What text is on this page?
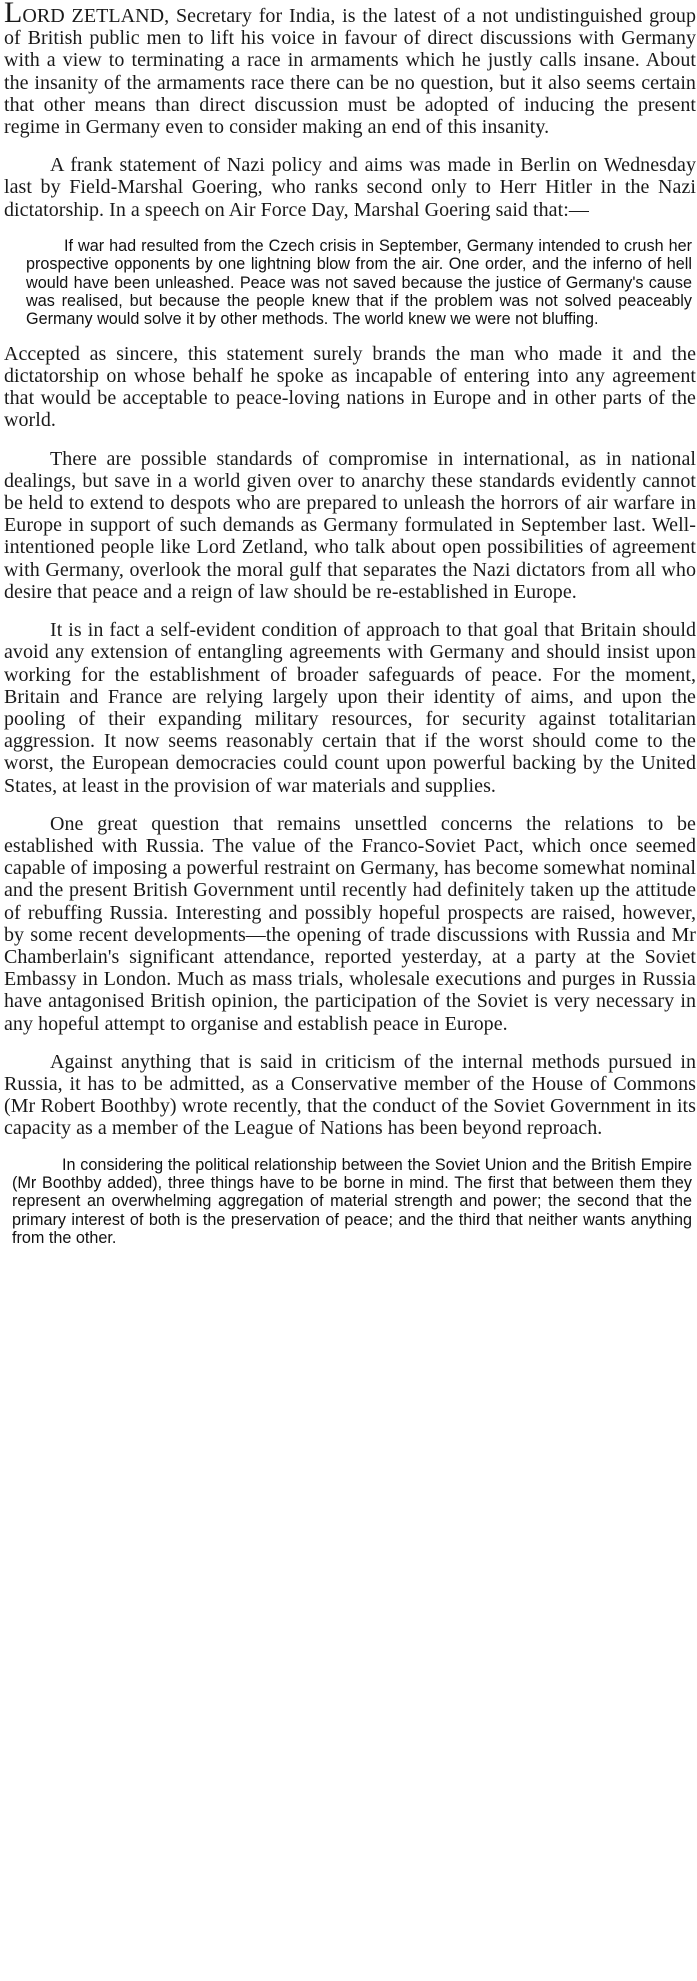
LORD ZETLAND, Secretary for India, is the latest of a not undistinguished group of British public men to lift his voice in favour of direct discussions with Germany with a view to terminating a race in armaments which he justly calls insane. About the insanity of the armaments race there can be no question, but it also seems certain that other means than direct discussion must be adopted of inducing the present regime in Germany even to consider making an end of this insanity.

A frank statement of Nazi policy and aims was made in Berlin on Wednesday last by Field-Marshal Goering, who ranks second only to Herr Hitler in the Nazi dictatorship. In a speech on Air Force Day, Marshal Goering said that:—

If war had resulted from the Czech crisis in September, Germany intended to crush her prospective opponents by one lightning blow from the air. One order, and the inferno of hell would have been unleashed. Peace was not saved because the justice of Germany's cause was realised, but because the people knew that if the problem was not solved peaceably Germany would solve it by other methods. The world knew we were not bluffing.

Accepted as sincere, this statement surely brands the man who made it and the dictatorship on whose behalf he spoke as incapable of entering into any agreement that would be acceptable to peace-loving nations in Europe and in other parts of the world.

There are possible standards of compromise in international, as in national dealings, but save in a world given over to anarchy these standards evidently cannot be held to extend to despots who are prepared to unleash the horrors of air warfare in Europe in support of such demands as Germany formulated in September last. Well-intentioned people like Lord Zetland, who talk about open possibilities of agreement with Germany, overlook the moral gulf that separates the Nazi dictators from all who desire that peace and a reign of law should be re-established in Europe.

It is in fact a self-evident condition of approach to that goal that Britain should avoid any extension of entangling agreements with Germany and should insist upon working for the establishment of broader safeguards of peace. For the moment, Britain and France are relying largely upon their identity of aims, and upon the pooling of their expanding military resources, for security against totalitarian aggression. It now seems reasonably certain that if the worst should come to the worst, the European democracies could count upon powerful backing by the United States, at least in the provision of war materials and supplies.

One great question that remains unsettled concerns the relations to be established with Russia. The value of the Franco-Soviet Pact, which once seemed capable of imposing a powerful restraint on Germany, has become somewhat nominal and the present British Government until recently had definitely taken up the attitude of rebuffing Russia. Interesting and possibly hopeful prospects are raised, however, by some recent developments—the opening of trade discussions with Russia and Mr Chamberlain's significant attendance, reported yesterday, at a party at the Soviet Embassy in London. Much as mass trials, wholesale executions and purges in Russia have antagonised British opinion, the participation of the Soviet is very necessary in any hopeful attempt to organise and establish peace in Europe.

Against anything that is said in criticism of the internal methods pursued in Russia, it has to be admitted, as a Conservative member of the House of Commons (Mr Robert Boothby) wrote recently, that the conduct of the Soviet Government in its capacity as a member of the League of Nations has been beyond reproach.

In considering the political relationship between the Soviet Union and the British Empire (Mr Boothby added), three things have to be borne in mind. The first that between them they represent an overwhelming aggregation of material strength and power; the second that the primary interest of both is the preservation of peace; and the third that neither wants anything from the other.
